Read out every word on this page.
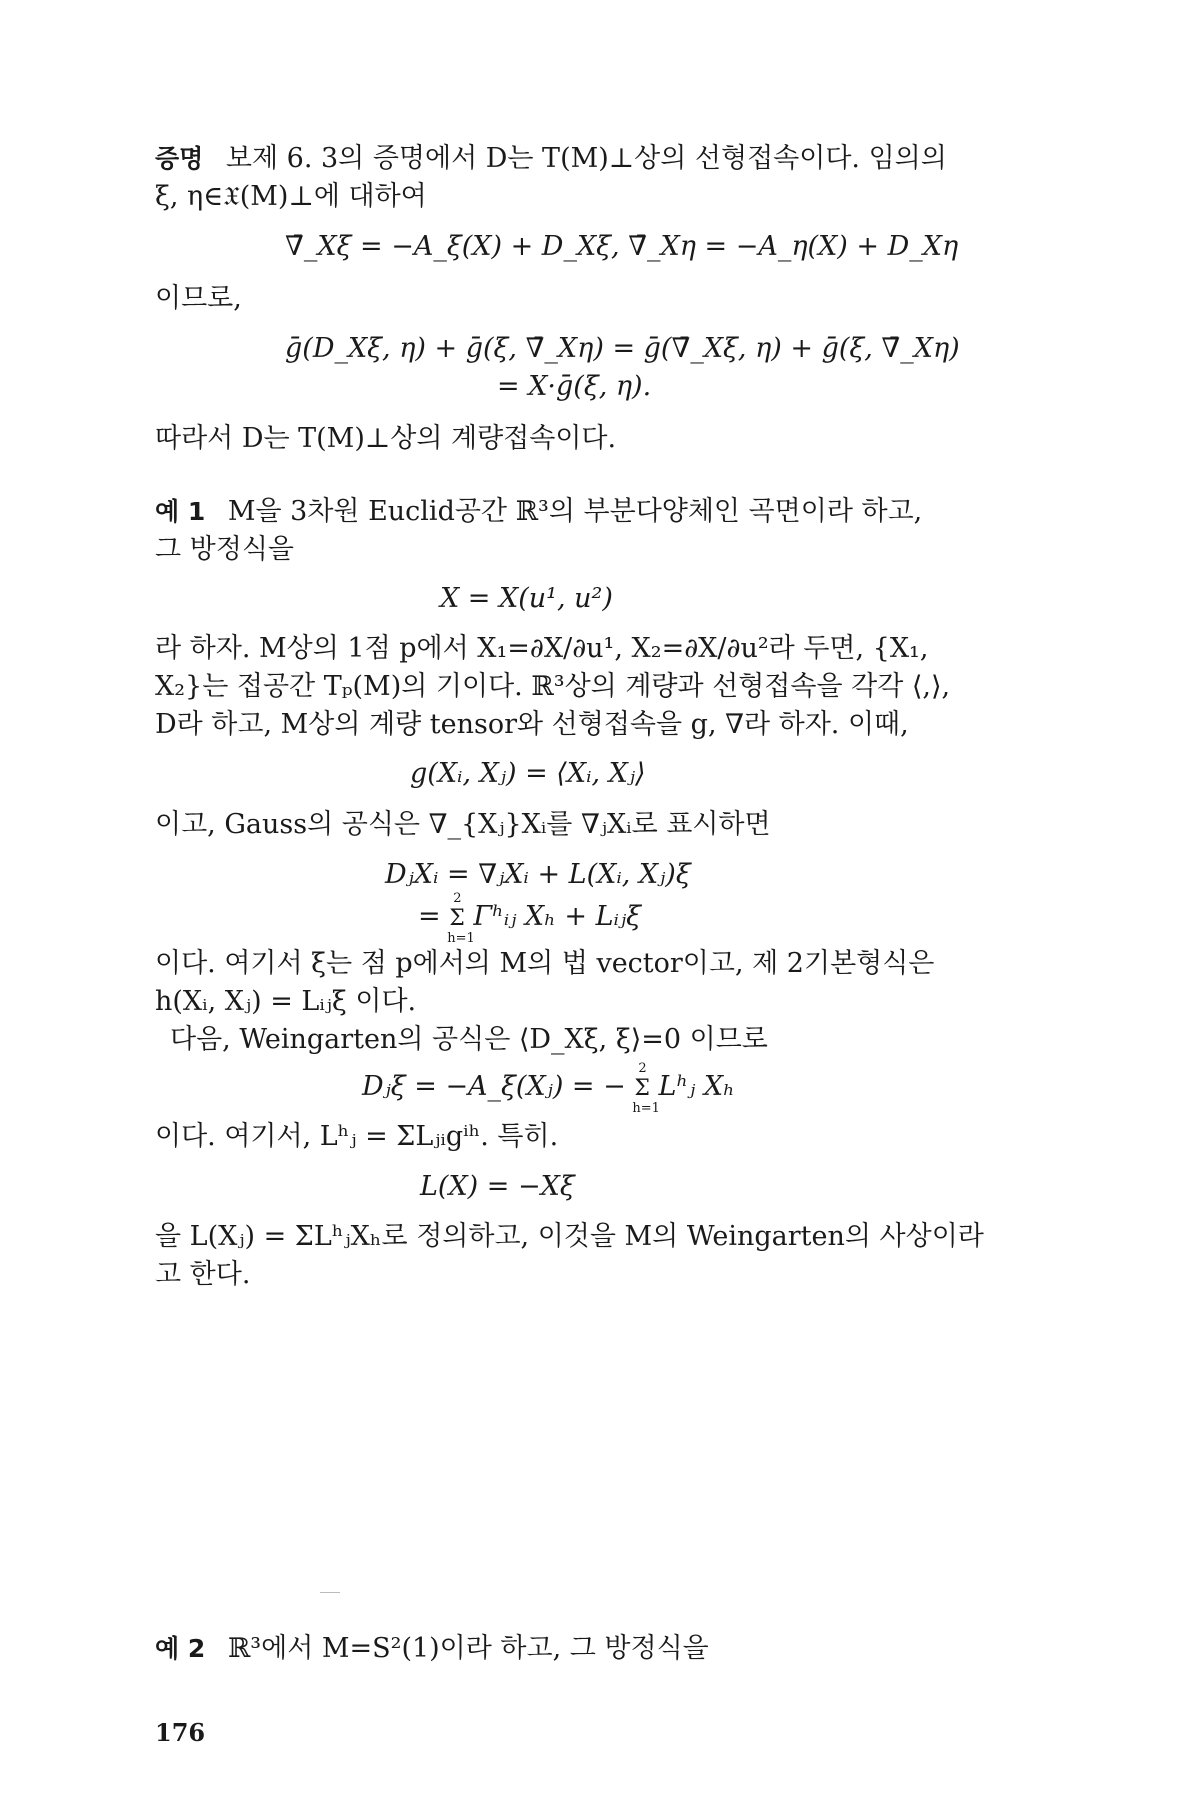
증명 보제 6. 3의 증명에서 D는 T(M)⊥상의 선형접속이다. 임의의
ξ, η∈𝔛(M)⊥에 대하여
∇̄_Xξ = −A_ξ(X) + D_Xξ, ∇̄_Xη = −A_η(X) + D_Xη
이므로,
ḡ(D_Xξ, η) + ḡ(ξ, ∇̄_Xη) = ḡ(∇̄_Xξ, η) + ḡ(ξ, ∇̄_Xη)
= X·ḡ(ξ, η).
따라서 D는 T(M)⊥상의 계량접속이다.
예 1 M을 3차원 Euclid공간 ℝ³의 부분다양체인 곡면이라 하고,
그 방정식을
X = X(u¹, u²)
라 하자. M상의 1점 p에서 X₁=∂X/∂u¹, X₂=∂X/∂u²라 두면, {X₁,
X₂}는 접공간 Tₚ(M)의 기이다. ℝ³상의 계량과 선형접속을 각각 ⟨,⟩,
D라 하고, M상의 계량 tensor와 선형접속을 g, ∇라 하자. 이때,
g(Xᵢ, Xⱼ) = ⟨Xᵢ, Xⱼ⟩
이고, Gauss의 공식은 ∇_{Xⱼ}Xᵢ를 ∇ⱼXᵢ로 표시하면
DⱼXᵢ = ∇ⱼXᵢ + L(Xᵢ, Xⱼ)ξ
=
2
Σ
h=1
Γʰᵢⱼ Xₕ + Lᵢⱼξ
이다. 여기서 ξ는 점 p에서의 M의 법 vector이고, 제 2기본형식은
h(Xᵢ, Xⱼ) = Lᵢⱼξ 이다.
다음, Weingarten의 공식은 ⟨D_Xξ, ξ⟩=0 이므로
Dⱼξ = −A_ξ(Xⱼ) = −
2
Σ
h=1
Lʰⱼ Xₕ
이다. 여기서, Lʰⱼ = ΣLⱼᵢgⁱʰ. 특히.
L(X) = −Xξ
을 L(Xⱼ) = ΣLʰⱼXₕ로 정의하고, 이것을 M의 Weingarten의 사상이라
고 한다.
예 2 ℝ³에서 M=S²(1)이라 하고, 그 방정식을
176
